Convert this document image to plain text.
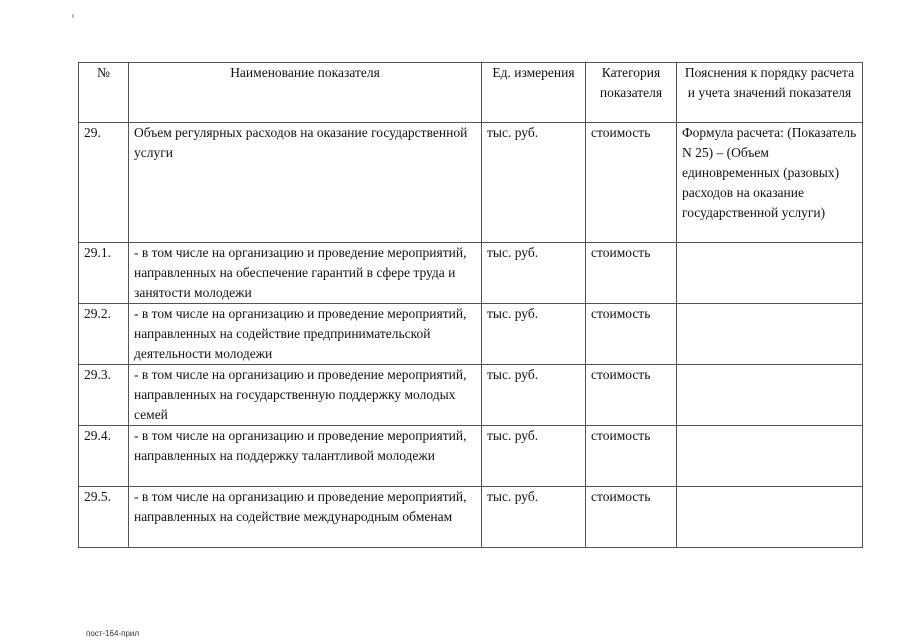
№	Наименование показателя	Ед. измерения	Категория показателя	Пояснения к порядку расчета и учета значений показателя
29.	Объем регулярных расходов на оказание государственной услуги	тыс. руб.	стоимость	Формула расчета: (Показатель N 25) – (Объем единовременных (разовых) расходов на оказание государственной услуги)
29.1.	- в том числе на организацию и проведение мероприятий, направленных на обеспечение гарантий в сфере труда и занятости молодежи	тыс. руб.	стоимость	
29.2.	- в том числе на организацию и проведение мероприятий, направленных на содействие предпринимательской деятельности молодежи	тыс. руб.	стоимость	
29.3.	- в том числе на организацию и проведение мероприятий, направленных на государственную поддержку молодых семей	тыс. руб.	стоимость	
29.4.	- в том числе на организацию и проведение мероприятий, направленных на поддержку талантливой молодежи	тыс. руб.	стоимость	
29.5.	- в том числе на организацию и проведение мероприятий, направленных на содействие международным обменам	тыс. руб.	стоимость	
пост-164-прил
